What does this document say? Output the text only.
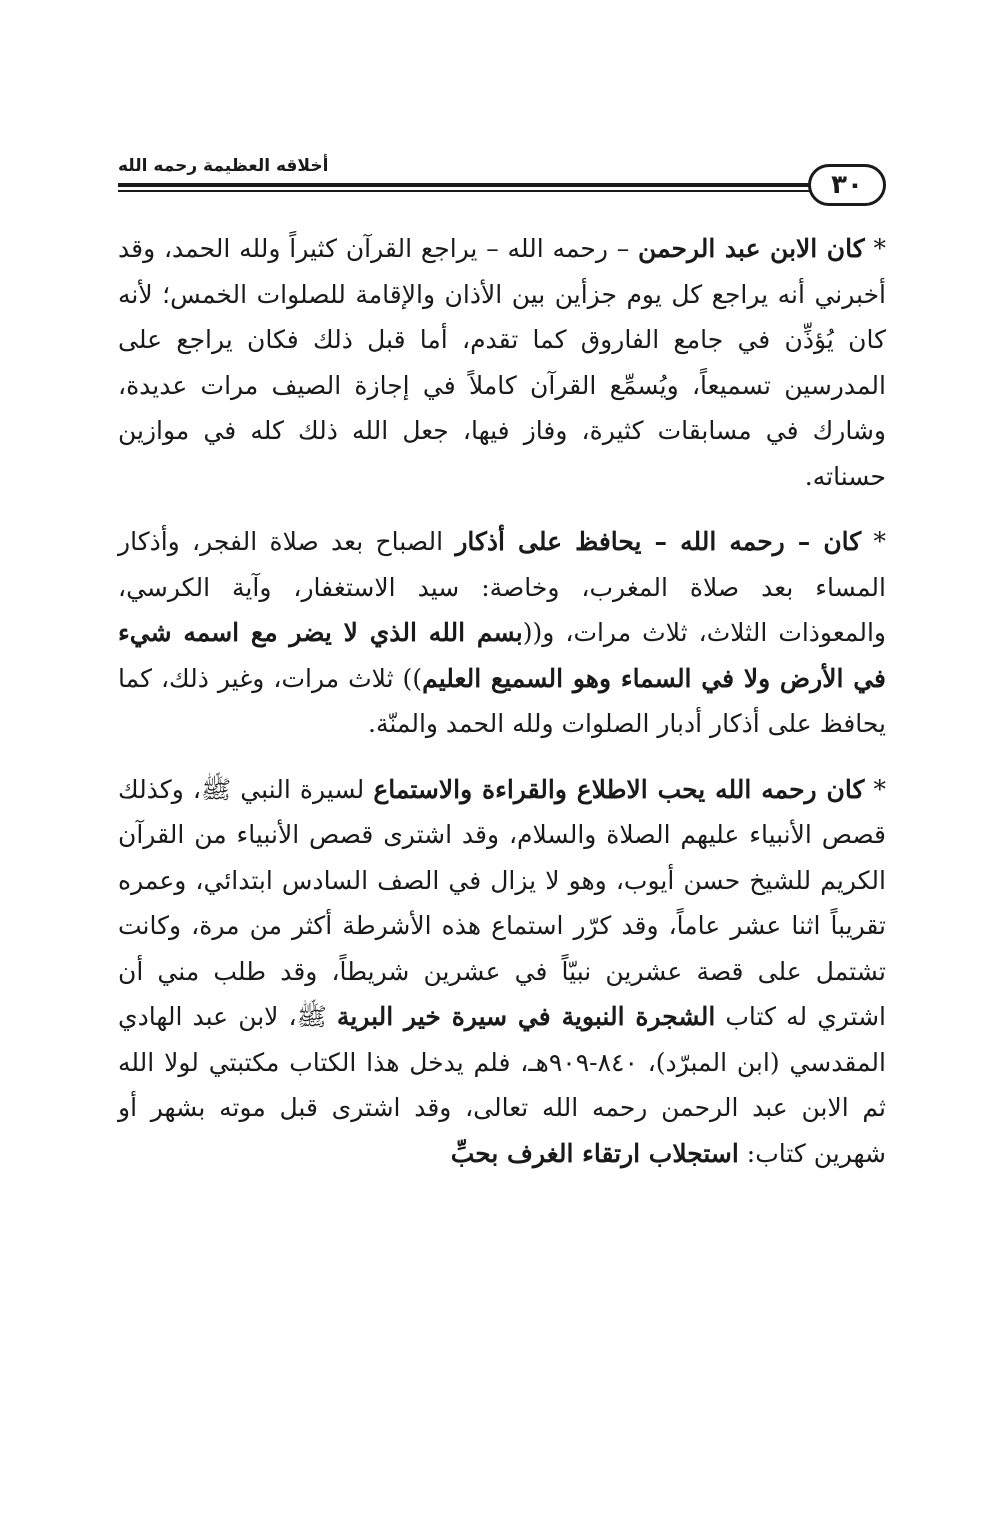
أخلاقه العظيمة رحمه الله
٣٠

* كان الابن عبد الرحمن – رحمه الله – يراجع القرآن كثيراً ولله الحمد، وقد أخبرني أنه يراجع كل يوم جزأين بين الأذان والإقامة للصلوات الخمس؛ لأنه كان يُؤذِّن في جامع الفاروق كما تقدم، أما قبل ذلك فكان يراجع على المدرسين تسميعاً، ويُسمِّع القرآن كاملاً في إجازة الصيف مرات عديدة، وشارك في مسابقات كثيرة، وفاز فيها، جعل الله ذلك كله في موازين حسناته.

* كان – رحمه الله – يحافظ على أذكار الصباح بعد صلاة الفجر، وأذكار المساء بعد صلاة المغرب، وخاصة: سيد الاستغفار، وآية الكرسي، والمعوذات الثلاث، ثلاث مرات، و((بسم الله الذي لا يضر مع اسمه شيء في الأرض ولا في السماء وهو السميع العليم)) ثلاث مرات، وغير ذلك، كما يحافظ على أذكار أدبار الصلوات ولله الحمد والمنّة.

* كان رحمه الله يحب الاطلاع والقراءة والاستماع لسيرة النبي ﷺ، وكذلك قصص الأنبياء عليهم الصلاة والسلام، وقد اشترى قصص الأنبياء من القرآن الكريم للشيخ حسن أيوب، وهو لا يزال في الصف السادس ابتدائي، وعمره تقريباً اثنا عشر عاماً، وقد كرّر استماع هذه الأشرطة أكثر من مرة، وكانت تشتمل على قصة عشرين نبيّاً في عشرين شريطاً، وقد طلب مني أن اشتري له كتاب الشجرة النبوية في سيرة خير البرية ﷺ، لابن عبد الهادي المقدسي (ابن المبرّد)، ٨٤٠-٩٠٩هـ، فلم يدخل هذا الكتاب مكتبتي لولا الله ثم الابن عبد الرحمن رحمه الله تعالى، وقد اشترى قبل موته بشهر أو شهرين كتاب: استجلاب ارتقاء الغرف بحبِّ
